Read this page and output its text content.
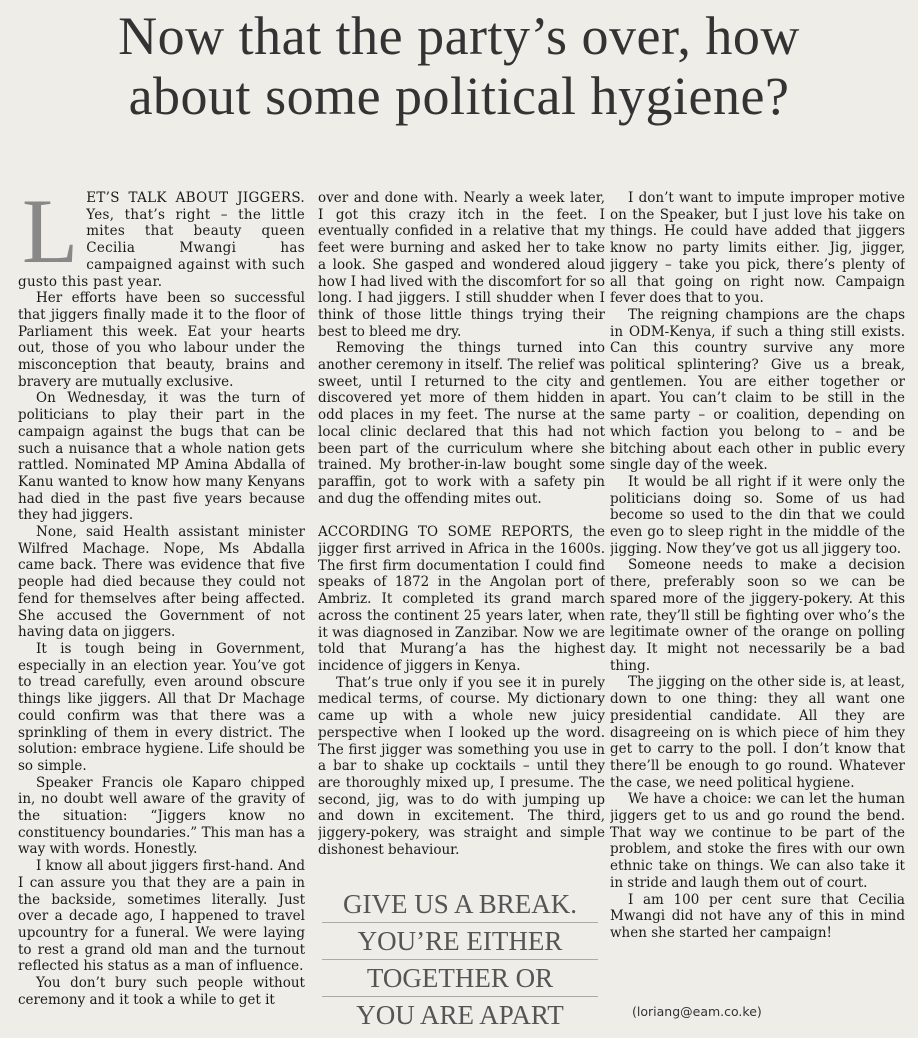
Now that the party’s over, how
about some political hygiene?

LET’S TALK ABOUT JIGGERS. Yes, that’s right – the little mites that beauty queen Cecilia Mwangi has campaigned against with such gusto this past year.

Her efforts have been so successful that jiggers finally made it to the floor of Parliament this week. Eat your hearts out, those of you who labour under the misconception that beauty, brains and bravery are mutually exclusive.

On Wednesday, it was the turn of politicians to play their part in the campaign against the bugs that can be such a nuisance that a whole nation gets rattled. Nominated MP Amina Abdalla of Kanu wanted to know how many Kenyans had died in the past five years because they had jiggers.

None, said Health assistant minister Wilfred Machage. Nope, Ms Abdalla came back. There was evidence that five people had died because they could not fend for themselves after being affected. She accused the Government of not having data on jiggers.

It is tough being in Government, especially in an election year. You’ve got to tread carefully, even around obscure things like jiggers. All that Dr Machage could confirm was that there was a sprinkling of them in every district. The solution: embrace hygiene. Life should be so simple.

Speaker Francis ole Kaparo chipped in, no doubt well aware of the gravity of the situation: “Jiggers know no constituency boundaries.” This man has a way with words. Honestly.

I know all about jiggers first-hand. And I can assure you that they are a pain in the backside, sometimes literally. Just over a decade ago, I happened to travel upcountry for a funeral. We were laying to rest a grand old man and the turnout reflected his status as a man of influence.

You don’t bury such people without ceremony and it took a while to get it

over and done with. Nearly a week later, I got this crazy itch in the feet. I eventually confided in a relative that my feet were burning and asked her to take a look. She gasped and wondered aloud how I had lived with the discomfort for so long. I had jiggers. I still shudder when I think of those little things trying their best to bleed me dry.

Removing the things turned into another ceremony in itself. The relief was sweet, until I returned to the city and discovered yet more of them hidden in odd places in my feet. The nurse at the local clinic declared that this had not been part of the curriculum where she trained. My brother-in-law bought some paraffin, got to work with a safety pin and dug the offending mites out.

ACCORDING TO SOME REPORTS, the jigger first arrived in Africa in the 1600s. The first firm documentation I could find speaks of 1872 in the Angolan port of Ambriz. It completed its grand march across the continent 25 years later, when it was diagnosed in Zanzibar. Now we are told that Murang’a has the highest incidence of jiggers in Kenya.

That’s true only if you see it in purely medical terms, of course. My dictionary came up with a whole new juicy perspective when I looked up the word. The first jigger was something you use in a bar to shake up cocktails – until they are thoroughly mixed up, I presume. The second, jig, was to do with jumping up and down in excitement. The third, jiggery-pokery, was straight and simple dishonest behaviour.

GIVE US A BREAK.
YOU’RE EITHER
TOGETHER OR
YOU ARE APART

I don’t want to impute improper motive on the Speaker, but I just love his take on things. He could have added that jiggers know no party limits either. Jig, jigger, jiggery – take you pick, there’s plenty of all that going on right now. Campaign fever does that to you.

The reigning champions are the chaps in ODM-Kenya, if such a thing still exists. Can this country survive any more political splintering? Give us a break, gentlemen. You are either together or apart. You can’t claim to be still in the same party – or coalition, depending on which faction you belong to – and be bitching about each other in public every single day of the week.

It would be all right if it were only the politicians doing so. Some of us had become so used to the din that we could even go to sleep right in the middle of the jigging. Now they’ve got us all jiggery too.

Someone needs to make a decision there, preferably soon so we can be spared more of the jiggery-pokery. At this rate, they’ll still be fighting over who’s the legitimate owner of the orange on polling day. It might not necessarily be a bad thing.

The jigging on the other side is, at least, down to one thing: they all want one presidential candidate. All they are disagreeing on is which piece of him they get to carry to the poll. I don’t know that there’ll be enough to go round. Whatever the case, we need political hygiene.

We have a choice: we can let the human jiggers get to us and go round the bend. That way we continue to be part of the problem, and stoke the fires with our own ethnic take on things. We can also take it in stride and laugh them out of court.

I am 100 per cent sure that Cecilia Mwangi did not have any of this in mind when she started her campaign!

(loriang@eam.co.ke)
